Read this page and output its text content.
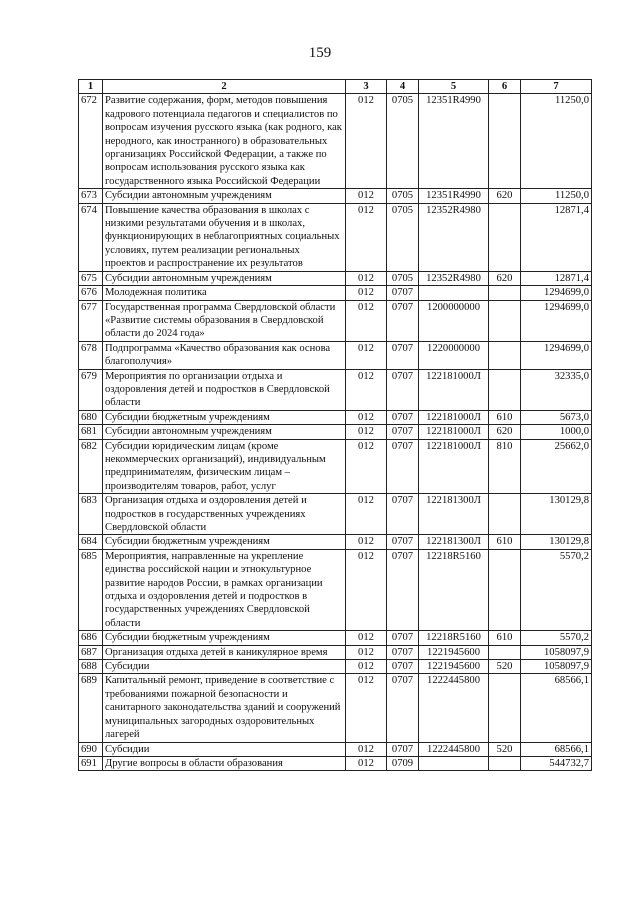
159
1	2	3	4	5	6	7
672	Развитие содержания, форм, методов повышения кадрового потенциала педагогов и специалистов по вопросам изучения русского языка (как родного, как неродного, как иностранного) в образовательных организациях Российской Федерации, а также по вопросам использования русского языка как государственного языка Российской Федерации	012	0705	12351R4990		11250,0
673	Субсидии автономным учреждениям	012	0705	12351R4990	620	11250,0
674	Повышение качества образования в школах с низкими результатами обучения и в школах, функционирующих в неблагоприятных социальных условиях, путем реализации региональных проектов и распространение их результатов	012	0705	12352R4980		12871,4
675	Субсидии автономным учреждениям	012	0705	12352R4980	620	12871,4
676	Молодежная политика	012	0707			1294699,0
677	Государственная программа Свердловской области «Развитие системы образования в Свердловской области до 2024 года»	012	0707	1200000000		1294699,0
678	Подпрограмма «Качество образования как основа благополучия»	012	0707	1220000000		1294699,0
679	Мероприятия по организации отдыха и оздоровления детей и подростков в Свердловской области	012	0707	122181000Л		32335,0
680	Субсидии бюджетным учреждениям	012	0707	122181000Л	610	5673,0
681	Субсидии автономным учреждениям	012	0707	122181000Л	620	1000,0
682	Субсидии юридическим лицам (кроме некоммерческих организаций), индивидуальным предпринимателям, физическим лицам – производителям товаров, работ, услуг	012	0707	122181000Л	810	25662,0
683	Организация отдыха и оздоровления детей и подростков в государственных учреждениях Свердловской области	012	0707	122181300Л		130129,8
684	Субсидии бюджетным учреждениям	012	0707	122181300Л	610	130129,8
685	Мероприятия, направленные на укрепление единства российской нации и этнокультурное развитие народов России, в рамках организации отдыха и оздоровления детей и подростков в государственных учреждениях Свердловской области	012	0707	12218R5160		5570,2
686	Субсидии бюджетным учреждениям	012	0707	12218R5160	610	5570,2
687	Организация отдыха детей в каникулярное время	012	0707	1221945600		1058097,9
688	Субсидии	012	0707	1221945600	520	1058097,9
689	Капитальный ремонт, приведение в соответствие с требованиями пожарной безопасности и санитарного законодательства зданий и сооружений муниципальных загородных оздоровительных лагерей	012	0707	1222445800		68566,1
690	Субсидии	012	0707	1222445800	520	68566,1
691	Другие вопросы в области образования	012	0709			544732,7
